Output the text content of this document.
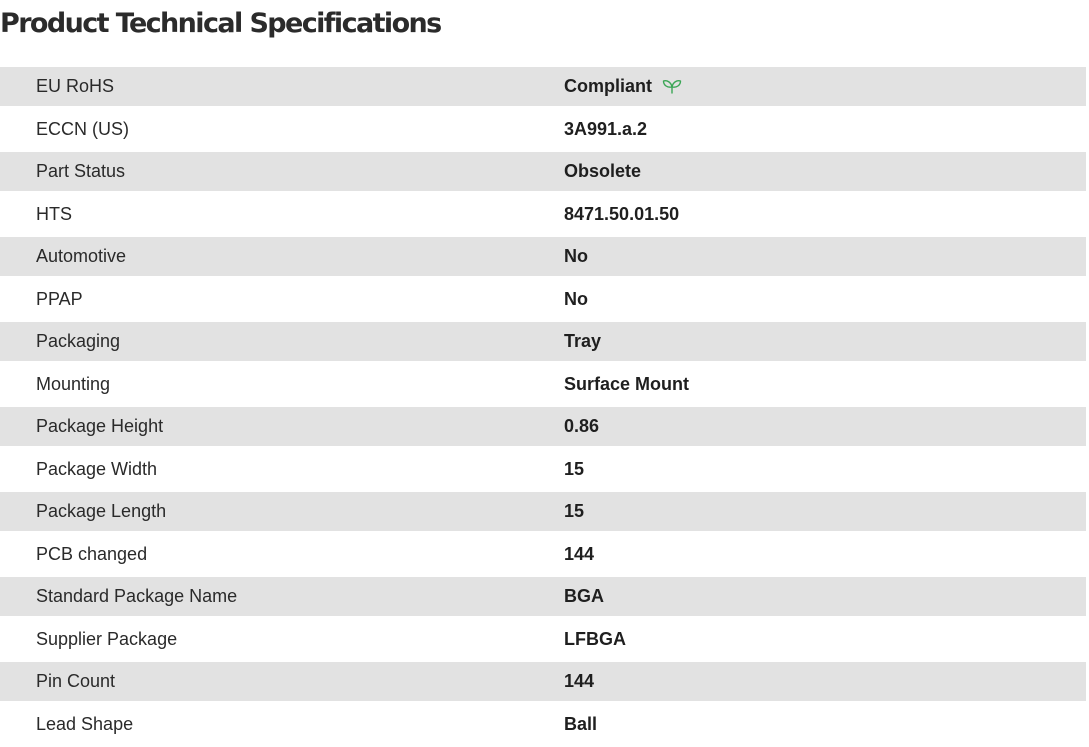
Product Technical Specifications
EU RoHS	Compliant
ECCN (US)	3A991.a.2
Part Status	Obsolete
HTS	8471.50.01.50
Automotive	No
PPAP	No
Packaging	Tray
Mounting	Surface Mount
Package Height	0.86
Package Width	15
Package Length	15
PCB changed	144
Standard Package Name	BGA
Supplier Package	LFBGA
Pin Count	144
Lead Shape	Ball
